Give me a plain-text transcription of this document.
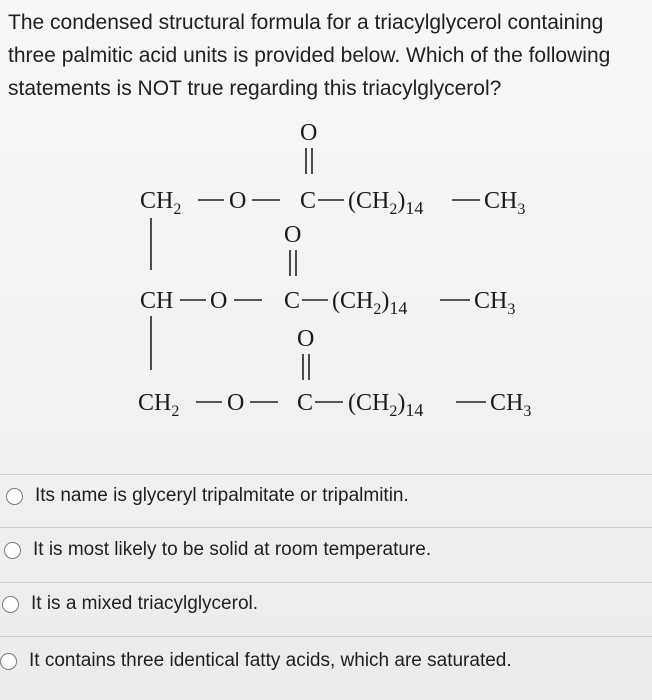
The condensed structural formula for a triacylglycerol containing three palmitic acid units is provided below. Which of the following statements is NOT true regarding this triacylglycerol?
O
$CH_2$ O C $(CH_2)_{14}$	$CH_3$
O
CH O C $(CH_2)_{14}$	$CH_3$
O
$CH_2$ O C $(CH_2)_{14}$	$CH_3$
Its name is glyceryl tripalmitate or tripalmitin.
It is most likely to be solid at room temperature.
It is a mixed triacylglycerol.
It contains three identical fatty acids, which are saturated.
